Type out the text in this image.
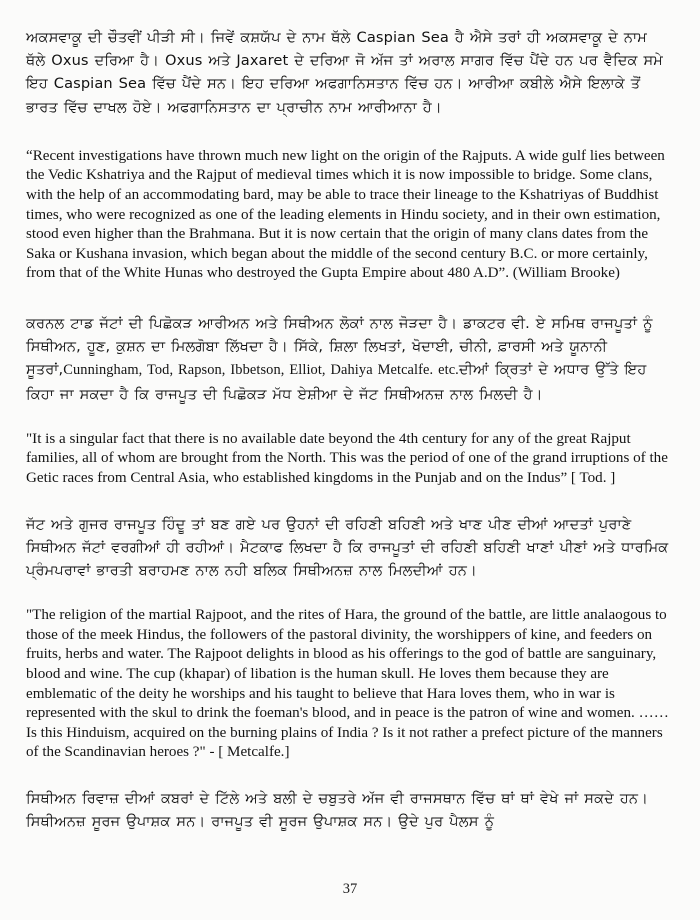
ਅਕਸਵਾਕੂ ਦੀ ਚੌਤਵੀਂ ਪੀੜੀ ਸੀ। ਜਿਵੇਂ ਕਸ਼ਯੱਪ ਦੇ ਨਾਮ ਥੱਲੇ Caspian Sea ਹੈ ਐਸੇ ਤਰਾਂ ਹੀ ਅਕਸਵਾਕੂ ਦੇ ਨਾਮ ਥੱਲੇ Oxus ਦਰਿਆ ਹੈ। Oxus ਅਤੇ Jaxaret ਦੇ ਦਰਿਆ ਜੋ ਅੱਜ ਤਾਂ ਅਰਾਲ ਸਾਗਰ ਵਿੱਚ ਪੈਂਦੇ ਹਨ ਪਰ ਵੈਦਿਕ ਸਮੇ ਇਹ Caspian Sea ਵਿੱਚ ਪੈਂਦੇ ਸਨ। ਇਹ ਦਰਿਆ ਅਫਗਾਨਿਸਤਾਨ ਵਿੱਚ ਹਨ। ਆਰੀਆ ਕਬੀਲੇ ਐਸੇ ਇਲਾਕੇ ਤੋਂ ਭਾਰਤ ਵਿੱਚ ਦਾਖਲ ਹੋਏ। ਅਫਗਾਨਿਸਤਾਨ ਦਾ ਪ੍ਰਾਚੀਨ ਨਾਮ ਆਰੀਆਨਾ ਹੈ।

“Recent investigations have thrown much new light on the origin of the Rajputs. A wide gulf lies between the Vedic Kshatriya and the Rajput of medieval times which it is now impossible to bridge. Some clans, with the help of an accommodating bard, may be able to trace their lineage to the Kshatriyas of Buddhist times, who were recognized as one of the leading elements in Hindu society, and in their own estimation, stood even higher than the Brahmana. But it is now certain that the origin of many clans dates from the Saka or Kushana invasion, which began about the middle of the second century B.C. or more certainly, from that of the White Hunas who destroyed the Gupta Empire about 480 A.D”. (William Brooke)

ਕਰਨਲ ਟਾਡ ਜੱਟਾਂ ਦੀ ਪਿਛੋਕੜ ਆਰੀਅਨ ਅਤੇ ਸਿਥੀਅਨ ਲੋਕਾਂ ਨਾਲ ਜੋੜਦਾ ਹੈ। ਡਾਕਟਰ ਵੀ. ਏ ਸਮਿਥ ਰਾਜਪੂਤਾਂ ਨੂੰ ਸਿਥੀਅਨ, ਹੂਣ, ਕੁਸ਼ਨ ਦਾ ਮਿਲਗੋਬਾ ਲਿੱਖਦਾ ਹੈ। ਸਿੱਕੇ, ਸ਼ਿਲਾ ਲਿਖਤਾਂ, ਖੋਦਾਈ, ਚੀਨੀ, ਫ਼ਾਰਸੀ ਅਤੇ ਯੂਨਾਨੀ ਸੂਤਰਾਂ,Cunningham, Tod, Rapson, Ibbetson, Elliot, Dahiya Metcalfe. etc.ਦੀਆਂ ਕ੍ਰਿਤਾਂ ਦੇ ਅਧਾਰ ਉੱਤੇ ਇਹ ਕਿਹਾ ਜਾ ਸਕਦਾ ਹੈ ਕਿ ਰਾਜਪੂਤ ਦੀ ਪਿਛੋਕੜ ਮੱਧ ਏਸ਼ੀਆ ਦੇ ਜੱਟ ਸਿਥੀਅਨਜ਼ ਨਾਲ ਮਿਲਦੀ ਹੈ।

"It is a singular fact that there is no available date beyond the 4th century for any of the great Rajput families, all of whom are brought from the North. This was the period of one of the grand irruptions of the Getic races from Central Asia, who established kingdoms in the Punjab and on the Indus” [ Tod. ]

ਜੱਟ ਅਤੇ ਗੁਜਰ ਰਾਜਪੂਤ ਹਿੰਦੂ ਤਾਂ ਬਣ ਗਏ ਪਰ ਉਹਨਾਂ ਦੀ ਰਹਿਣੀ ਬਹਿਣੀ ਅਤੇ ਖਾਣ ਪੀਣ ਦੀਆਂ ਆਦਤਾਂ ਪੁਰਾਣੇ ਸਿਥੀਅਨ ਜੱਟਾਂ ਵਰਗੀਆਂ ਹੀ ਰਹੀਆਂ। ਮੈਟਕਾਫ ਲਿਖਦਾ ਹੈ ਕਿ ਰਾਜਪੂਤਾਂ ਦੀ ਰਹਿਣੀ ਬਹਿਣੀ ਖਾਣਾਂ ਪੀਣਾਂ ਅਤੇ ਧਾਰਮਿਕ ਪ੍ਰੰਮਪਰਾਵਾਂ ਭਾਰਤੀ ਬਰਾਹਮਣ ਨਾਲ ਨਹੀ ਬਲਿਕ ਸਿਥੀਅਨਜ਼ ਨਾਲ ਮਿਲਦੀਆਂ ਹਨ।

"The religion of the martial Rajpoot, and the rites of Hara, the ground of the battle, are little analaogous to those of the meek Hindus, the followers of the pastoral divinity, the worshippers of kine, and feeders on fruits, herbs and water. The Rajpoot delights in blood as his offerings to the god of battle are sanguinary, blood and wine. The cup (khapar) of libation is the human skull. He loves them because they are emblematic of the deity he worships and his taught to believe that Hara loves them, who in war is represented with the skul to drink the foeman's blood, and in peace is the patron of wine and women. ……Is this Hinduism, acquired on the burning plains of India ? Is it not rather a prefect picture of the manners of the Scandinavian heroes ?" - [ Metcalfe.]

ਸਿਥੀਅਨ ਰਿਵਾਜ਼ ਦੀਆਂ ਕਬਰਾਂ ਦੇ ਟਿੱਲੇ ਅਤੇ ਬਲੀ ਦੇ ਚਬੁਤਰੇ ਅੱਜ ਵੀ ਰਾਜਸਥਾਨ ਵਿੱਚ ਥਾਂ ਥਾਂ ਵੇਖੇ ਜਾਂ ਸਕਦੇ ਹਨ। ਸਿਥੀਅਨਜ਼ ਸੂਰਜ ਉਪਾਸ਼ਕ ਸਨ। ਰਾਜਪੂਤ ਵੀ ਸੂਰਜ ਉਪਾਸ਼ਕ ਸਨ। ਉਦੇ ਪੁਰ ਪੈਲਸ ਨੂੰ

37
